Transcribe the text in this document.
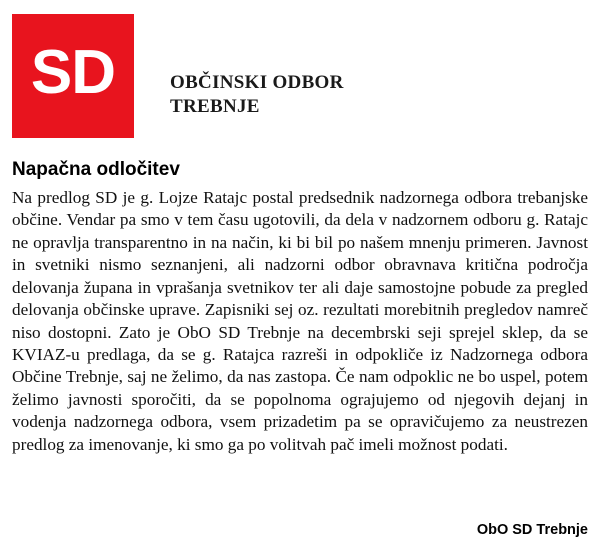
SD	OBČINSKI ODBOR
TREBNJE
Napačna odločitev

Na predlog SD je g. Lojze Ratajc postal predsednik nadzornega odbora trebanjske občine. Vendar pa smo v tem času ugotovili, da dela v nadzornem odboru g. Ratajc ne opravlja transparentno in na način, ki bi bil po našem mnenju primeren. Javnost in svetniki nismo seznanjeni, ali nadzorni odbor obravnava kritična področja delovanja župana in vprašanja svetnikov ter ali daje samostojne pobude za pregled delovanja občinske uprave. Zapisniki sej oz. rezultati morebitnih pregledov namreč niso dostopni. Zato je ObO SD Trebnje na decembrski seji sprejel sklep, da se KVIAZ-u predlaga, da se g. Ratajca razreši in odpokliče iz Nadzornega odbora Občine Trebnje, saj ne želimo, da nas zastopa. Če nam odpoklic ne bo uspel, potem želimo javnosti sporočiti, da se popolnoma ograjujemo od njegovih dejanj in vodenja nadzornega odbora, vsem prizadetim pa se opravičujemo za neustrezen predlog za imenovanje, ki smo ga po volitvah pač imeli možnost podati.

ObO SD Trebnje
